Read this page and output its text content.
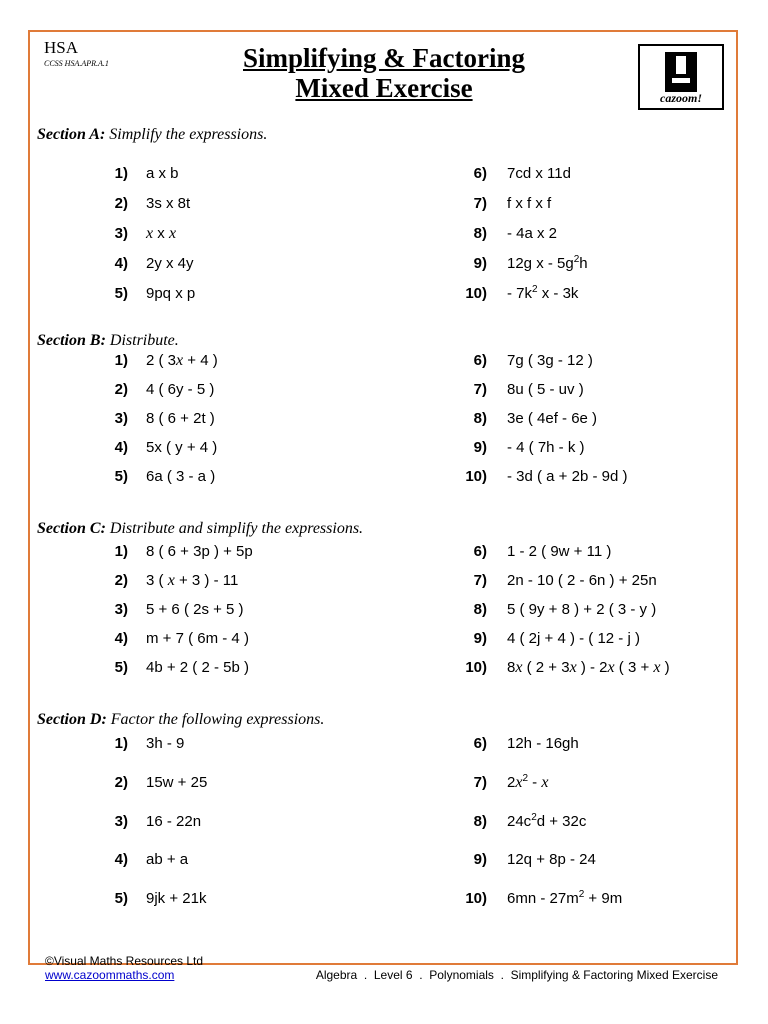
HSA
CCSS HSA.APR.A.1	Simplifying & Factoring
Mixed Exercise	cazoom!
Section A: Simplify the expressions.
1) a x b
2) 3s x 8t
3) x x x
4) 2y x 4y
5) 9pq x p
6) 7cd x 11d
7) f x f x f
8) - 4a x 2
9) 12g x - $5g^2h$
$10) - 7k^2$ x - 3k
Section B: Distribute.
1) 2 ( 3x + 4 )
2) 4 ( 6y - 5 )
3) 8 ( 6 + 2t )
4) 5x ( y + 4 )
5) 6a ( 3 - a )
6) 7g ( 3g - 12 )
7) 8u ( 5 - uv )
8) 3e ( 4ef - 6e )
9) - 4 ( 7h - k )
10) - 3d ( a + 2b - 9d )
Section C: Distribute and simplify the expressions.
1) 8 ( 6 + 3p ) + 5p
2) 3 ( x + 3 ) - 11
3) 5 + 6 ( 2s + 5 )
4) m + 7 ( 6m - 4 )
5) 4b + 2 ( 2 - 5b )
6) 1 - 2 ( 9w + 11 )
7) 2n - 10 ( 2 - 6n ) + 25n
8) 5 ( 9y + 8 ) + 2 ( 3 - y )
9) 4 ( 2j + 4 ) - ( 12 - j )
10) 8x ( 2 + 3x ) - 2x ( 3 + x )
Section D: Factor the following expressions.
1) 3h - 9
2) 15w + 25
3) 16 - 22n
4) ab + a
5) 9jk + 21k
6) 12h - 16gh
7) $2x^2$ - x
8) $24c^2d + 32c$
9) 12q + 8p - 24
10) $6mn - 27m^2 + 9m$
©Visual Maths Resources Ltd
www.cazoommaths.com	Algebra  .  Level 6  .  Polynomials  .  Simplifying & Factoring Mixed Exercise
